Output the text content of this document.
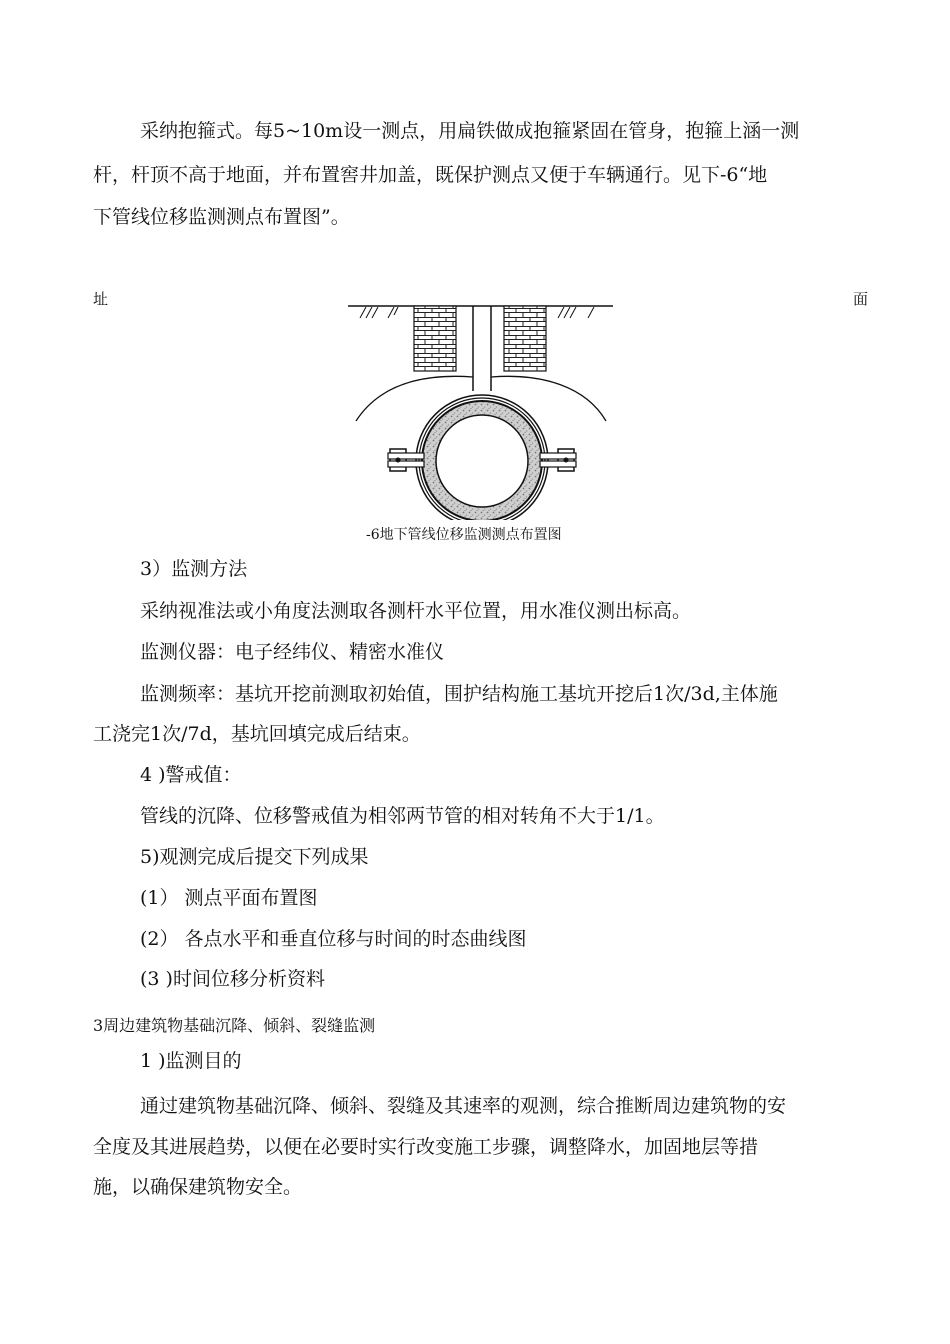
采纳抱箍式。每5~10m设一测点，用扁铁做成抱箍紧固在管身，抱箍上涵一测
杆，杆顶不高于地面，并布置窖井加盖，既保护测点又便于车辆通行。见下-6“地
下管线位移监测测点布置图”。
址	面
-6地下管线位移监测测点布置图
3）监测方法
采纳视准法或小角度法测取各测杆水平位置，用水准仪测出标高。
监测仪器：电子经纬仪、精密水准仪
监测频率：基坑开挖前测取初始值，围护结构施工基坑开挖后1次/3d,主体施
工浇完1次/7d，基坑回填完成后结束。
4 )警戒值：
管线的沉降、位移警戒值为相邻两节管的相对转角不大于1/1。
5)观测完成后提交下列成果
(1） 测点平面布置图
(2） 各点水平和垂直位移与时间的时态曲线图
(3 )时间位移分析资料
3周边建筑物基础沉降、倾斜、裂缝监测
1 )监测目的
通过建筑物基础沉降、倾斜、裂缝及其速率的观测，综合推断周边建筑物的安
全度及其进展趋势，以便在必要时实行改变施工步骤，调整降水，加固地层等措
施，以确保建筑物安全。
